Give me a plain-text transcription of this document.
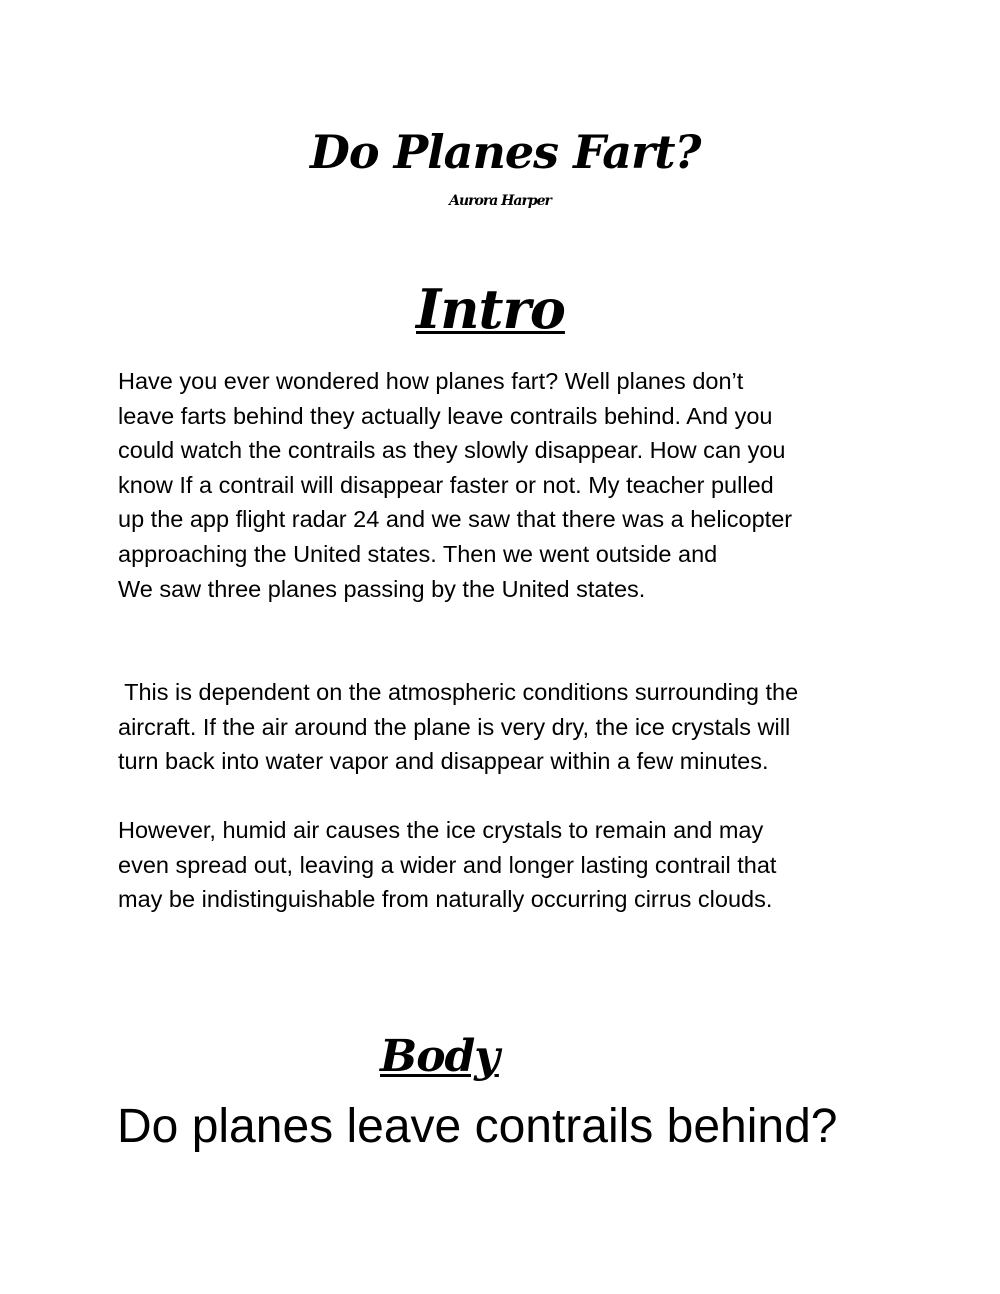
Do Planes Fart?
Aurora Harper
Intro

Have you ever wondered how planes fart? Well planes don’t
leave farts behind they actually leave contrails behind. And you
could watch the contrails as they slowly disappear. How can you
know If a contrail will disappear faster or not. My teacher pulled
up the app flight radar 24 and we saw that there was a helicopter
approaching the United states. Then we went outside and
We saw three planes passing by the United states.

This is dependent on the atmospheric conditions surrounding the
aircraft. If the air around the plane is very dry, the ice crystals will
turn back into water vapor and disappear within a few minutes.

However, humid air causes the ice crystals to remain and may
even spread out, leaving a wider and longer lasting contrail that
may be indistinguishable from naturally occurring cirrus clouds.

Body
Do planes leave contrails behind?
